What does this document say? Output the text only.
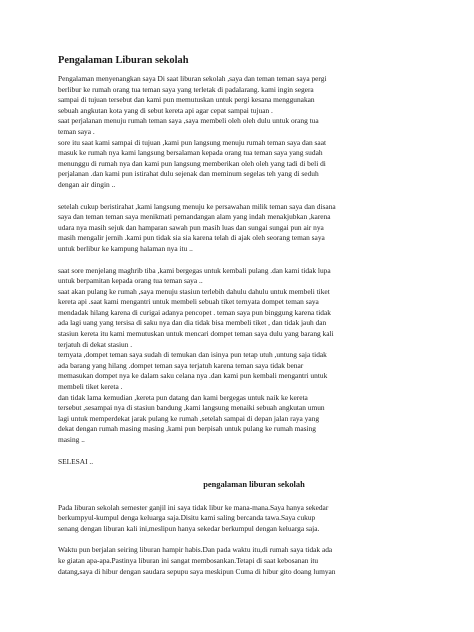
Pengalaman Liburan sekolah

Pengalaman menyenangkan saya Di saat liburan sekolah ,saya dan teman teman saya pergi
berlibur ke rumah orang tua teman saya yang terletak di padalarang. kami ingin segera
sampai di tujuan tersebut dan kami pun memutuskan untuk pergi kesana menggunakan
sebuah angkutan kota yang di sebut kereta api agar cepat sampai tujuan .
saat perjalanan menuju rumah teman saya ,saya membeli oleh oleh dulu untuk orang tua
teman saya .
sore itu saat kami sampai di tujuan ,kami pun langsung menuju rumah teman saya dan saat
masuk ke rumah nya kami langsung bersalaman kepada orang tua teman saya yang sudah
menunggu di rumah nya dan kami pun langsung memberikan oleh oleh yang tadi di beli di
perjalanan .dan kami pun istirahat dulu sejenak dan meminum segelas teh yang di seduh
dengan air dingin ..

setelah cukup beristirahat ,kami langsung menuju ke persawahan milik teman saya dan disana
saya dan teman teman saya menikmati pemandangan alam yang indah menakjubkan ,karena
udara nya masih sejuk dan hamparan sawah pun masih luas dan sungai sungai pun air nya
masih mengalir jernih .kami pun tidak sia sia karena telah di ajak oleh seorang teman saya
untuk berlibur ke kampung halaman nya itu ..

saat sore menjelang maghrib tiba ,kami bergegas untuk kembali pulang .dan kami tidak lupa
untuk berpamitan kepada orang tua teman saya ..
saat akan pulang ke rumah ,saya menuju stasiun terlebih dahulu dahulu untuk membeli tiket
kereta api .saat kami mengantri untuk membeli sebuah tiket ternyata dompet teman saya
mendadak hilang karena di curigai adanya pencopet . teman saya pun binggung karena tidak
ada lagi uang yang tersisa di saku nya dan dia tidak bisa membeli tiket , dan tidak jauh dan
stasiun kereta itu kami memutuskan untuk mencari dompet teman saya dulu yang barang kali
terjatuh di dekat stasiun .
ternyata ,dompet teman saya sudah di temukan dan isinya pun tetap utuh ,untung saja tidak
ada barang yang hilang .dompet teman saya terjatuh karena teman saya tidak benar
memasukan dompet nya ke dalam saku celana nya .dan kami pun kembali mengantri untuk
membeli tiket kereta .
dan tidak lama kemudian ,kereta pun datang dan kami bergegas untuk naik ke kereta
tersebut ,sesampai nya di stasiun bandung ,kami langsung menaiki sebuah angkutan umun
lagi untuk memperdekat jarak pulang ke rumah ,setelah sampai di depan jalan raya yang
dekat dengan rumah masing masing ,kami pun berpisah untuk pulang ke rumah masing
masing ..

SELESAI ..
pengalaman liburan sekolah

Pada liburan sekolah semester ganjil ini saya tidak libur ke mana-mana.Saya hanya sekedar
berkumpyul-kumpul denga keluarga saja.Disitu kami saling bercanda tawa.Saya cukup
senang dengan liburan kali ini,meslipun hanya sekedar berkumpul dengan keluarga saja.

Waktu pun berjalan seiring liburan hampir habis.Dan pada waktu itu,di rumah saya tidak ada
ke giatan apa-apa.Pastinya liburan ini sangat membosankan.Tetapi di saat kebosanan itu
datang,saya di hibur dengan saudara sepupu saya meskipun Cuma di hibur gito doang lumyan
